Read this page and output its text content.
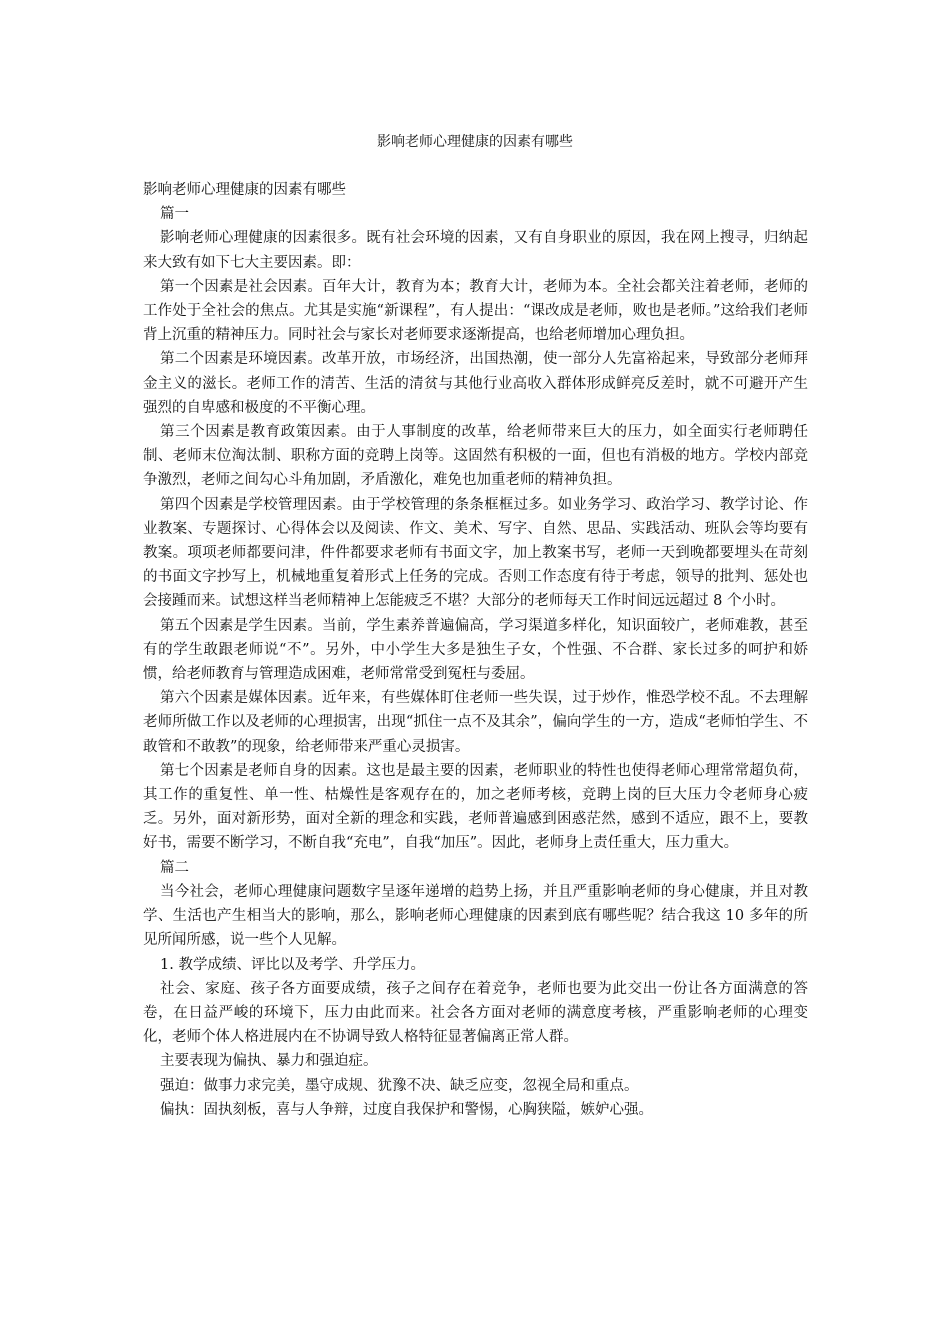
影响老师心理健康的因素有哪些

影响老师心理健康的因素有哪些

篇一

影响老师心理健康的因素很多。既有社会环境的因素，又有自身职业的原因，我在网上搜寻，归纳起来大致有如下七大主要因素。即：

第一个因素是社会因素。百年大计，教育为本；教育大计，老师为本。全社会都关注着老师，老师的工作处于全社会的焦点。尤其是实施“新课程”，有人提出：“课改成是老师，败也是老师。”这给我们老师背上沉重的精神压力。同时社会与家长对老师要求逐渐提高，也给老师增加心理负担。

第二个因素是环境因素。改革开放，市场经济，出国热潮，使一部分人先富裕起来，导致部分老师拜金主义的滋长。老师工作的清苦、生活的清贫与其他行业高收入群体形成鲜亮反差时，就不可避开产生强烈的自卑感和极度的不平衡心理。

第三个因素是教育政策因素。由于人事制度的改革，给老师带来巨大的压力，如全面实行老师聘任制、老师末位淘汰制、职称方面的竞聘上岗等。这固然有积极的一面，但也有消极的地方。学校内部竞争激烈，老师之间勾心斗角加剧，矛盾激化，难免也加重老师的精神负担。

第四个因素是学校管理因素。由于学校管理的条条框框过多。如业务学习、政治学习、教学讨论、作业教案、专题探讨、心得体会以及阅读、作文、美术、写字、自然、思品、实践活动、班队会等均要有教案。项项老师都要问津，件件都要求老师有书面文字，加上教案书写，老师一天到晚都要埋头在苛刻的书面文字抄写上，机械地重复着形式上任务的完成。否则工作态度有待于考虑，领导的批判、惩处也会接踵而来。试想这样当老师精神上怎能疲乏不堪？大部分的老师每天工作时间远远超过 8 个小时。

第五个因素是学生因素。当前，学生素养普遍偏高，学习渠道多样化，知识面较广，老师难教，甚至有的学生敢跟老师说“不”。另外，中小学生大多是独生子女，个性强、不合群、家长过多的呵护和娇惯，给老师教育与管理造成困难，老师常常受到冤枉与委屈。

第六个因素是媒体因素。近年来，有些媒体盯住老师一些失误，过于炒作，惟恐学校不乱。不去理解老师所做工作以及老师的心理损害，出现“抓住一点不及其余”，偏向学生的一方，造成“老师怕学生、不敢管和不敢教”的现象，给老师带来严重心灵损害。

第七个因素是老师自身的因素。这也是最主要的因素，老师职业的特性也使得老师心理常常超负荷，其工作的重复性、单一性、枯燥性是客观存在的，加之老师考核，竞聘上岗的巨大压力令老师身心疲乏。另外，面对新形势，面对全新的理念和实践，老师普遍感到困惑茫然，感到不适应，跟不上，要教好书，需要不断学习，不断自我“充电”，自我“加压”。因此，老师身上责任重大，压力重大。

篇二

当今社会，老师心理健康问题数字呈逐年递增的趋势上扬，并且严重影响老师的身心健康，并且对教学、生活也产生相当大的影响，那么，影响老师心理健康的因素到底有哪些呢？结合我这 10 多年的所见所闻所感，说一些个人见解。

1. 教学成绩、评比以及考学、升学压力。

社会、家庭、孩子各方面要成绩，孩子之间存在着竞争，老师也要为此交出一份让各方面满意的答卷，在日益严峻的环境下，压力由此而来。社会各方面对老师的满意度考核，严重影响老师的心理变化，老师个体人格进展内在不协调导致人格特征显著偏离正常人群。

主要表现为偏执、暴力和强迫症。

强迫：做事力求完美，墨守成规、犹豫不决、缺乏应变，忽视全局和重点。

偏执：固执刻板，喜与人争辩，过度自我保护和警惕，心胸狭隘，嫉妒心强。
